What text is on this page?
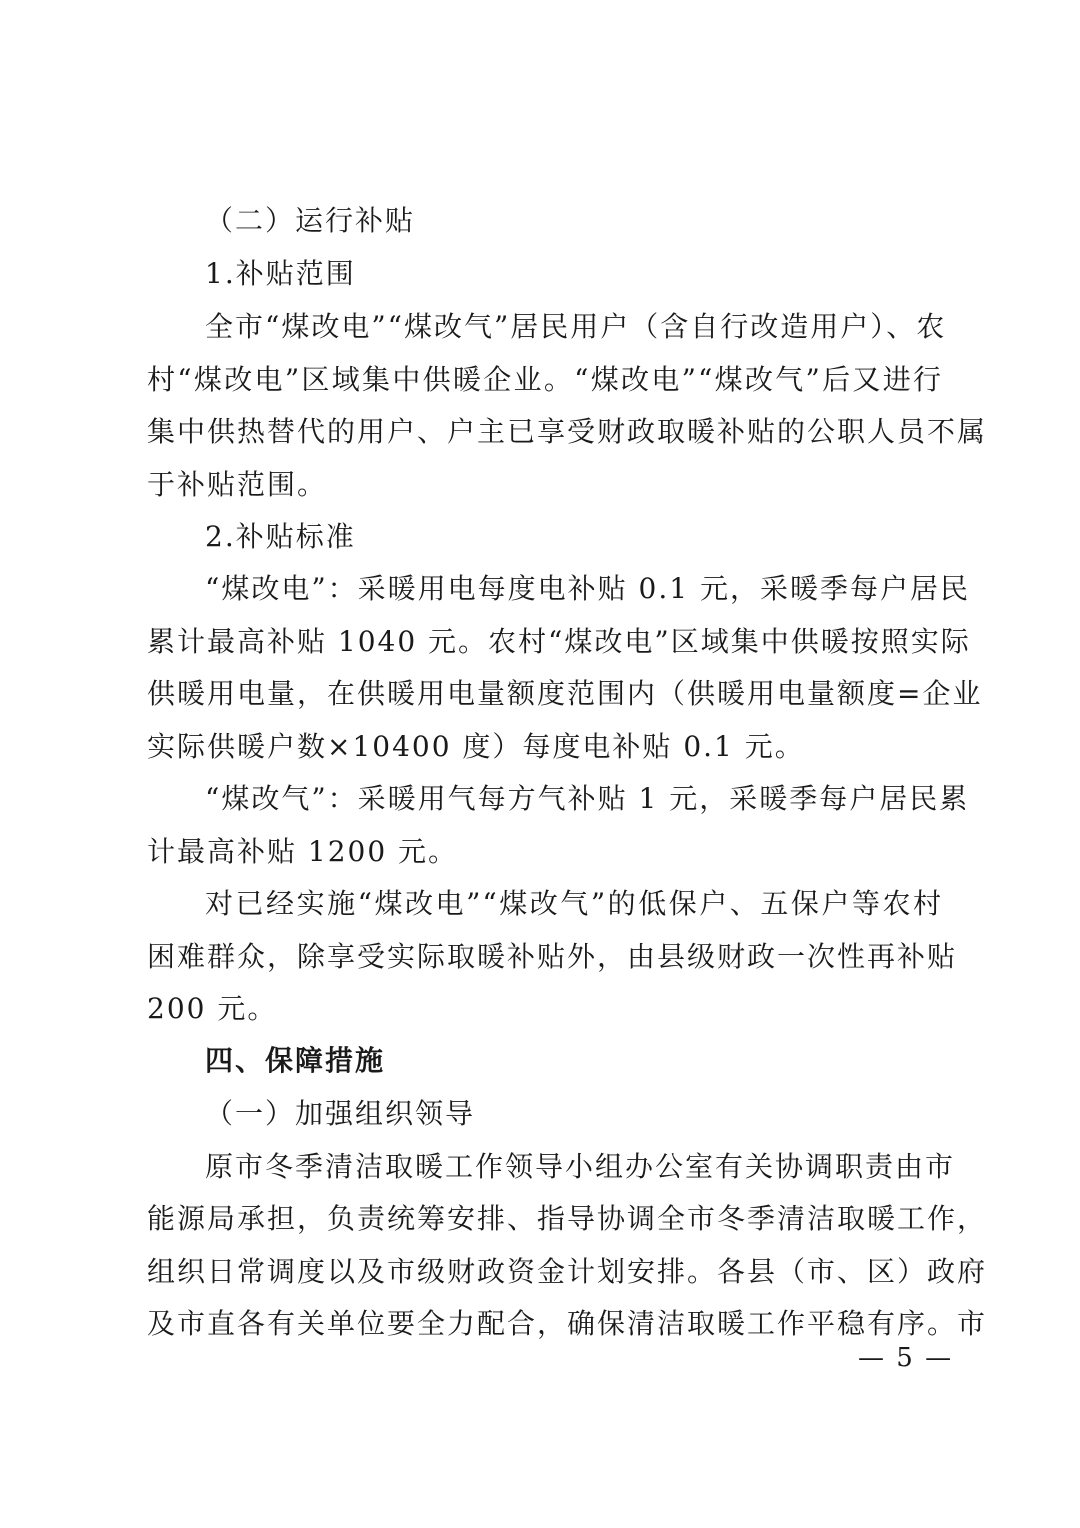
（二）运行补贴
1.补贴范围
全市“煤改电”“煤改气”居民用户（含自行改造用户）、农
村“煤改电”区域集中供暖企业。“煤改电”“煤改气”后又进行
集中供热替代的用户、户主已享受财政取暖补贴的公职人员不属
于补贴范围。
2.补贴标准
“煤改电”：采暖用电每度电补贴 0.1 元，采暖季每户居民
累计最高补贴 1040 元。农村“煤改电”区域集中供暖按照实际
供暖用电量，在供暖用电量额度范围内（供暖用电量额度=企业
实际供暖户数×10400 度）每度电补贴 0.1 元。
“煤改气”：采暖用气每方气补贴 1 元，采暖季每户居民累
计最高补贴 1200 元。
对已经实施“煤改电”“煤改气”的低保户、五保户等农村
困难群众，除享受实际取暖补贴外，由县级财政一次性再补贴
200 元。
四、保障措施
（一）加强组织领导
原市冬季清洁取暖工作领导小组办公室有关协调职责由市
能源局承担，负责统筹安排、指导协调全市冬季清洁取暖工作，
组织日常调度以及市级财政资金计划安排。各县（市、区）政府
及市直各有关单位要全力配合，确保清洁取暖工作平稳有序。市
— 5 —
